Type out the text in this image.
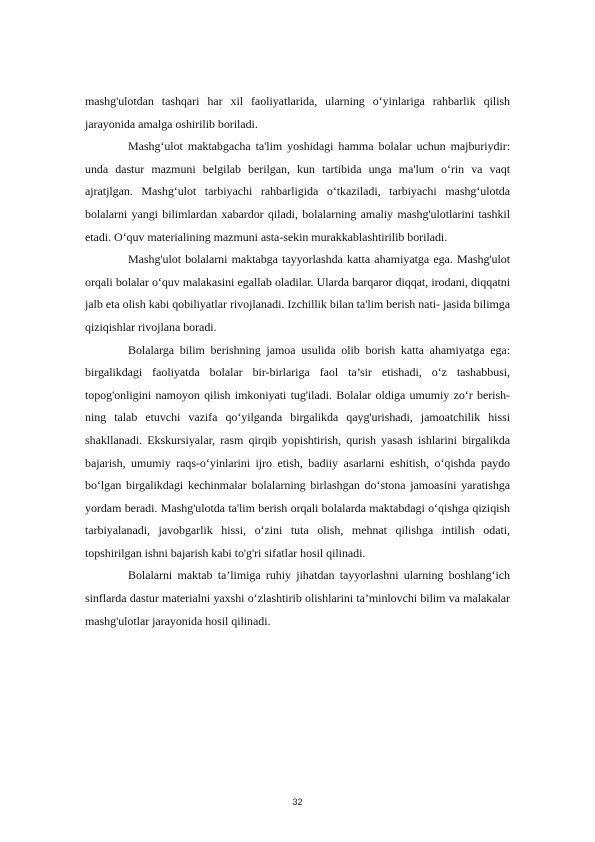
mashg'ulotdan tashqari har xil faoliyatlarida, ularning o‘yinlariga rahbarlik qilish jarayonida amalga oshirilib boriladi.

Mashg‘ulot maktabgacha ta'lim yoshidagi hamma bolalar uchun majburiydir: unda dastur mazmuni belgilab berilgan, kun tartibida unga ma'lum o‘rin va vaqt ajratjlgan. Mashg‘ulot tarbiyachi rahbarligida o‘tkaziladi, tarbiyachi mashg‘ulotda bolalarni yangi bilimlardan xabardor qiladi, bolalarning amaliy mashg'ulotlarini tashkil etadi. O‘quv materialining mazmuni asta-sekin murakkablashtirilib boriladi.

Mashg'ulot bolalarni maktabga tayyorlashda katta ahamiyatga ega. Mashg'ulot orqali bolalar o‘quv malakasini egallab oladilar. Ularda barqaror diqqat, irodani, diqqatni jalb eta olish kabi qobiliyatlar rivojlanadi. Izchillik bilan ta'lim berish nati- jasida bilimga qiziqishlar rivojlana boradi.

Bolalarga bilim berishning jamoa usulida olib borish katta ahamiyatga ega: birgalikdagi faoliyatda bolalar bir-birlariga faol ta’sir etishadi, o‘z tashabbusi, topog'onligini namoyon qilish imkoniyati tug'iladi. Bolalar oldiga umumiy zo‘r berish-ning talab etuvchi vazifa qo‘yilganda birgalikda qayg'urishadi, jamoatchilik hissi shakllanadi. Ekskursiyalar, rasm qirqib yopishtirish, qurish yasash ishlarini birgalikda bajarish, umumiy raqs-o‘yinlarini ijro etish, badiiy asarlarni eshitish, o‘qishda paydo bo‘lgan birgalikdagi kechinmalar bolalarning birlashgan do‘stona jamoasini yaratishga yordam beradi. Mashg'ulotda ta'lim berish orqali bolalarda maktabdagi o‘qishga qiziqish tarbiyalanadi, javobgarlik hissi, o‘zini tuta olish, mehnat qilishga intilish odati, topshirilgan ishni bajarish kabi to'g'ri sifatlar hosil qilinadi.

Bolalarni maktab ta’limiga ruhiy jihatdan tayyorlashni ularning boshlang‘ich sinflarda dastur materialni yaxshi o‘zlashtirib olishlarini ta’minlovchi bilim va malakalar mashg'ulotlar jarayonida hosil qilinadi.

32
